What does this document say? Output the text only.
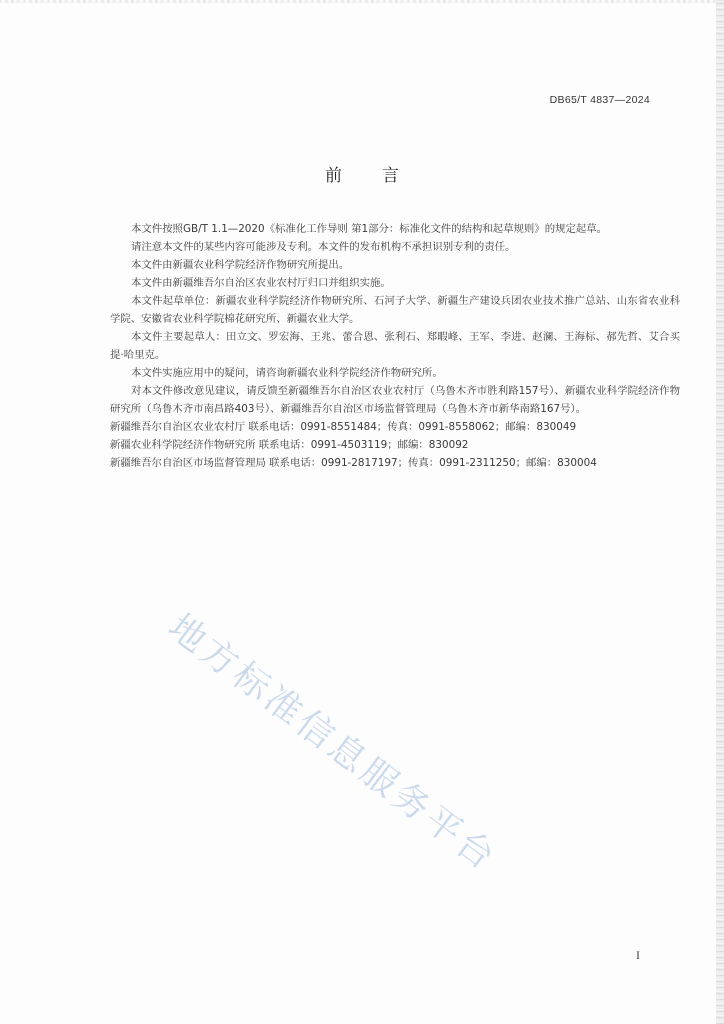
DB65/T 4837—2024
前 言

本文件按照GB/T 1.1—2020《标准化工作导则 第1部分：标准化文件的结构和起草规则》的规定起草。

请注意本文件的某些内容可能涉及专利。本文件的发布机构不承担识别专利的责任。

本文件由新疆农业科学院经济作物研究所提出。

本文件由新疆维吾尔自治区农业农村厅归口并组织实施。

本文件起草单位：新疆农业科学院经济作物研究所、石河子大学、新疆生产建设兵团农业技术推广总站、山东省农业科学院、安徽省农业科学院棉花研究所、新疆农业大学。

本文件主要起草人：田立文、罗宏海、王兆、蕾合恩、张利石、郑暇峰、王军、李进、赵澜、王海标、郝先哲、艾合买提·哈里克。

本文件实施应用中的疑问，请咨询新疆农业科学院经济作物研究所。

对本文件修改意见建议，请反馈至新疆维吾尔自治区农业农村厅（乌鲁木齐市胜利路157号）、新疆农业科学院经济作物研究所（乌鲁木齐市南昌路403号）、新疆维吾尔自治区市场监督管理局（乌鲁木齐市新华南路167号）。

新疆维吾尔自治区农业农村厅 联系电话：0991-8551484；传真：0991-8558062；邮编：830049

新疆农业科学院经济作物研究所 联系电话：0991-4503119；邮编：830092

新疆维吾尔自治区市场监督管理局 联系电话：0991-2817197；传真：0991-2311250；邮编：830004

地方标准信息服务平台
I
